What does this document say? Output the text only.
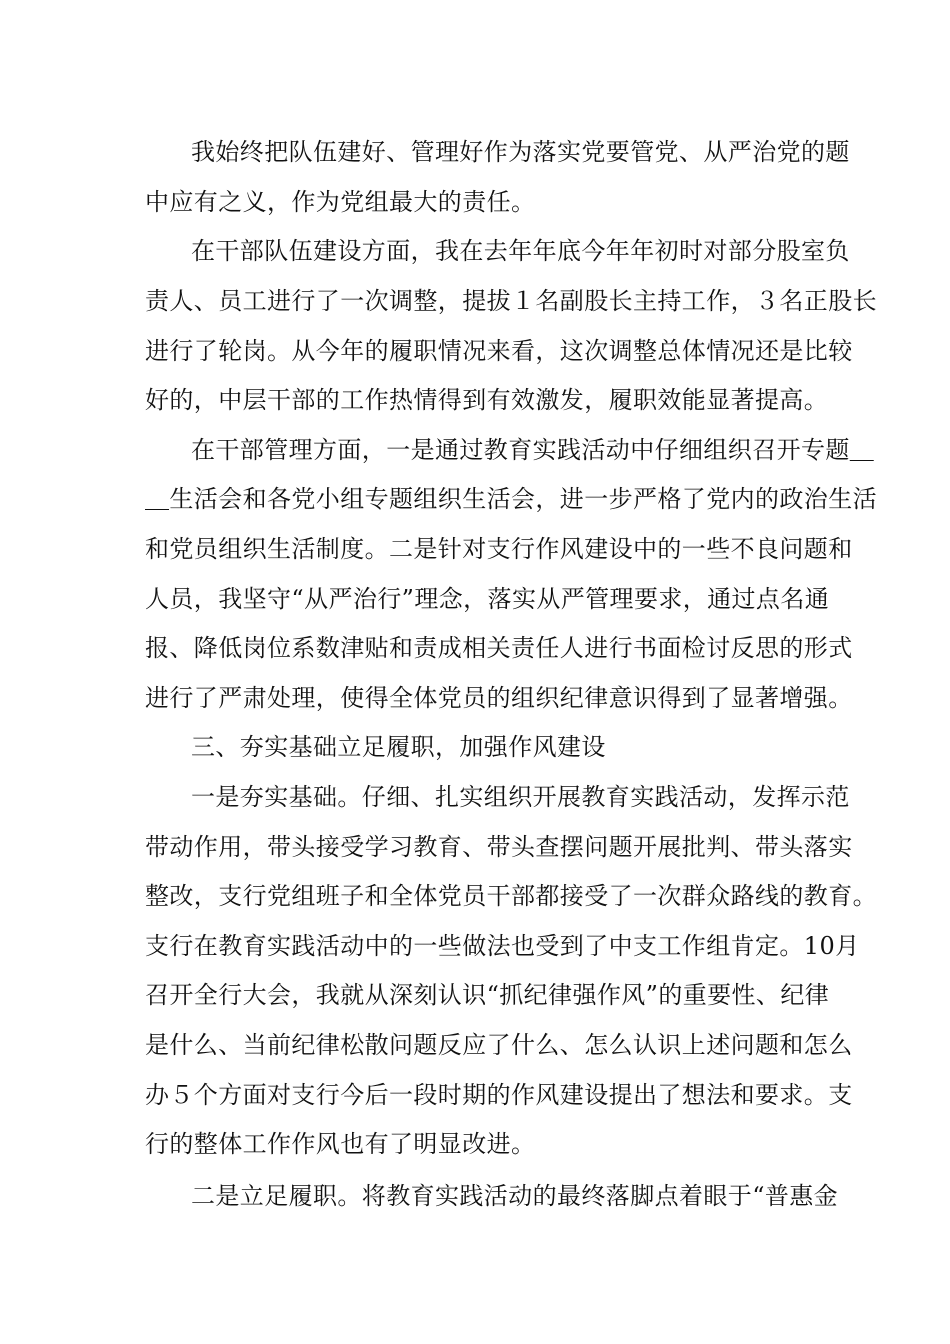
我始终把队伍建好、管理好作为落实党要管党、从严治党的题
中应有之义，作为党组最大的责任。
在干部队伍建设方面，我在去年年底今年年初时对部分股室负
责人、员工进行了一次调整，提拔１名副股长主持工作，３名正股长
进行了轮岗。从今年的履职情况来看，这次调整总体情况还是比较
好的，中层干部的工作热情得到有效激发，履职效能显著提高。
在干部管理方面，一是通过教育实践活动中仔细组织召开专题＿
＿生活会和各党小组专题组织生活会，进一步严格了党内的政治生活
和党员组织生活制度。二是针对支行作风建设中的一些不良问题和
人员，我坚守“从严治行”理念，落实从严管理要求，通过点名通
报、降低岗位系数津贴和责成相关责任人进行书面检讨反思的形式
进行了严肃处理，使得全体党员的组织纪律意识得到了显著增强。
三、夯实基础立足履职，加强作风建设
一是夯实基础。仔细、扎实组织开展教育实践活动，发挥示范
带动作用，带头接受学习教育、带头查摆问题开展批判、带头落实
整改，支行党组班子和全体党员干部都接受了一次群众路线的教育。
支行在教育实践活动中的一些做法也受到了中支工作组肯定。10月
召开全行大会，我就从深刻认识“抓纪律强作风”的重要性、纪律
是什么、当前纪律松散问题反应了什么、怎么认识上述问题和怎么
办５个方面对支行今后一段时期的作风建设提出了想法和要求。支
行的整体工作作风也有了明显改进。
二是立足履职。将教育实践活动的最终落脚点着眼于“普惠金
